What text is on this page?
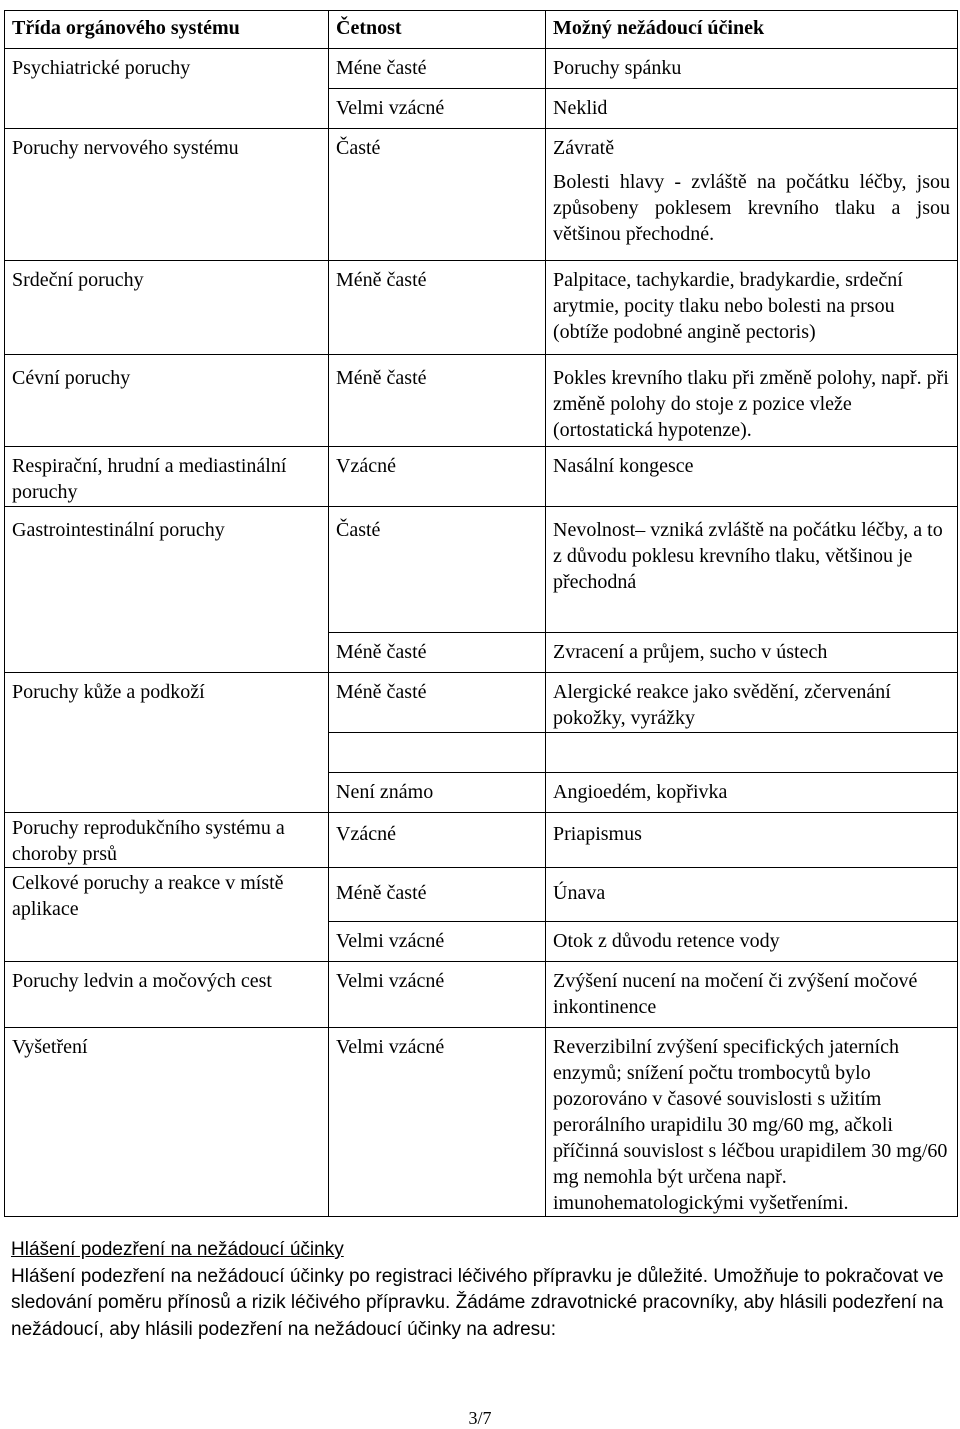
Třída orgánového systému	Četnost	Možný nežádoucí účinek
Psychiatrické poruchy	Méne časté	Poruchy spánku
	Velmi vzácné	Neklid
Poruchy nervového systému	Časté	Závratě
Bolesti hlavy - zvláště na počátku léčby, jsou způsobeny poklesem krevního tlaku a jsou většinou přechodné.

Srdeční poruchy	Méně časté	Palpitace, tachykardie, bradykardie, srdeční arytmie, pocity tlaku nebo bolesti na prsou (obtíže podobné angině pectoris)
Cévní poruchy	Méně časté	Pokles krevního tlaku při změně polohy, např. při změně polohy do stoje z pozice vleže (ortostatická hypotenze).
Respirační, hrudní a mediastinální poruchy	Vzácné	Nasální kongesce
Gastrointestinální poruchy	Časté	Nevolnost– vzniká zvláště na počátku léčby, a to z důvodu poklesu krevního tlaku, většinou je přechodná
	Méně časté	Zvracení a průjem, sucho v ústech
Poruchy kůže a podkoží	Méně časté	Alergické reakce jako svědění, zčervenání pokožky, vyrážky

	Není známo	Angioedém, kopřivka
Poruchy reprodukčního systému a choroby prsů	Vzácné	Priapismus
Celkové poruchy a reakce v místě aplikace	Méně časté	Únava
	Velmi vzácné	Otok z důvodu retence vody
Poruchy ledvin a močových cest	Velmi vzácné	Zvýšení nucení na močení či zvýšení močové inkontinence
Vyšetření	Velmi vzácné	Reverzibilní zvýšení specifických jaterních enzymů; snížení počtu trombocytů bylo pozorováno v časové souvislosti s užitím perorálního urapidilu 30 mg/60 mg, ačkoli příčinná souvislost s léčbou urapidilem 30 mg/60 mg nemohla být určena např. imunohematologickými vyšetřeními.
Hlášení podezření na nežádoucí účinky

Hlášení podezření na nežádoucí účinky po registraci léčivého přípravku je důležité. Umožňuje to pokračovat ve sledování poměru přínosů a rizik léčivého přípravku. Žádáme zdravotnické pracovníky, aby hlásili podezření na nežádoucí, aby hlásili podezření na nežádoucí účinky na adresu:

3/7
